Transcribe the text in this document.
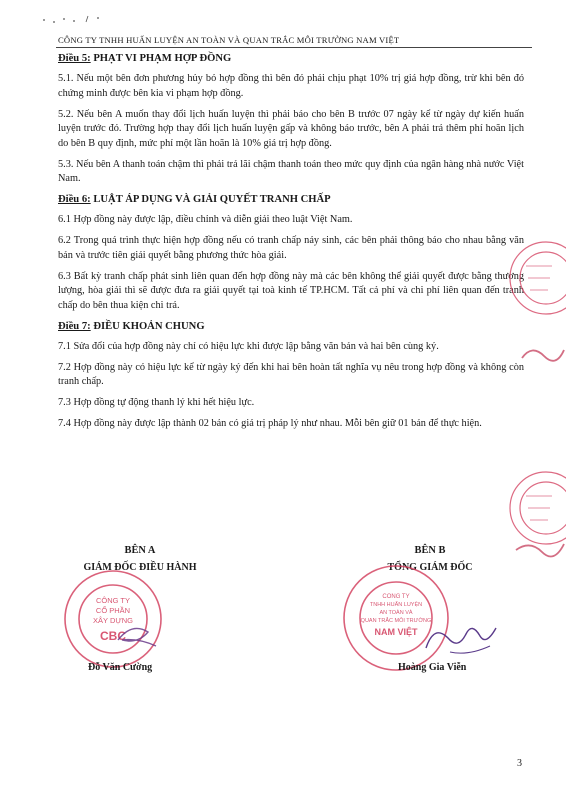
CÔNG TY TNHH HUẤN LUYỆN AN TOÀN VÀ QUAN TRẮC MÔI TRƯỜNG NAM VIỆT
Điều 5: PHẠT VI PHẠM HỢP ĐỒNG

5.1. Nếu một bên đơn phương hủy bỏ hợp đồng thì bên đó phải chịu phạt 10% trị giá hợp đồng, trừ khi bên đó chứng minh được bên kia vi phạm hợp đồng.

5.2. Nếu bên A muốn thay đổi lịch huấn luyện thì phải báo cho bên B trước 07 ngày kể từ ngày dự kiến huấn luyện trước đó. Trường hợp thay đổi lịch huấn luyện gấp và không báo trước, bên A phải trả thêm phí hoãn lịch do bên B quy định, mức phí một lần hoãn là 10% giá trị hợp đồng.

5.3. Nếu bên A thanh toán chậm thì phải trả lãi chậm thanh toán theo mức quy định của ngân hàng nhà nước Việt Nam.

Điều 6: LUẬT ÁP DỤNG VÀ GIẢI QUYẾT TRANH CHẤP

6.1 Hợp đồng này được lập, điều chỉnh và diễn giải theo luật Việt Nam.

6.2 Trong quá trình thực hiện hợp đồng nếu có tranh chấp nảy sinh, các bên phải thông báo cho nhau bằng văn bản và trước tiên giải quyết bằng phương thức hòa giải.

6.3 Bất kỳ tranh chấp phát sinh liên quan đến hợp đồng này mà các bên không thể giải quyết được bằng thương lượng, hòa giải thì sẽ được đưa ra giải quyết tại toà kinh tế TP.HCM. Tất cả phí và chi phí liên quan đến tranh chấp do bên thua kiện chi trả.

Điều 7: ĐIỀU KHOẢN CHUNG

7.1 Sửa đổi của hợp đồng này chỉ có hiệu lực khi được lập bằng văn bản và hai bên cùng ký.

7.2 Hợp đồng này có hiệu lực kể từ ngày ký đến khi hai bên hoàn tất nghĩa vụ nêu trong hợp đồng và không còn tranh chấp.

7.3 Hợp đồng tự động thanh lý khi hết hiệu lực.

7.4 Hợp đồng này được lập thành 02 bản có giá trị pháp lý như nhau. Mỗi bên giữ 01 bản để thực hiện.

BÊN A
GIÁM ĐỐC ĐIỀU HÀNH
CÔNG TY
CỔ PHẦN
XÂY DỰNG
CBC
Đỗ Văn Cường
BÊN B
TỔNG GIÁM ĐỐC
CÔNG TY
TNHH HUẤN LUYỆN
AN TOÀN VÀ
QUAN TRẮC MÔI TRƯỜNG
NAM VIỆT
Hoàng Gia Viễn
3
